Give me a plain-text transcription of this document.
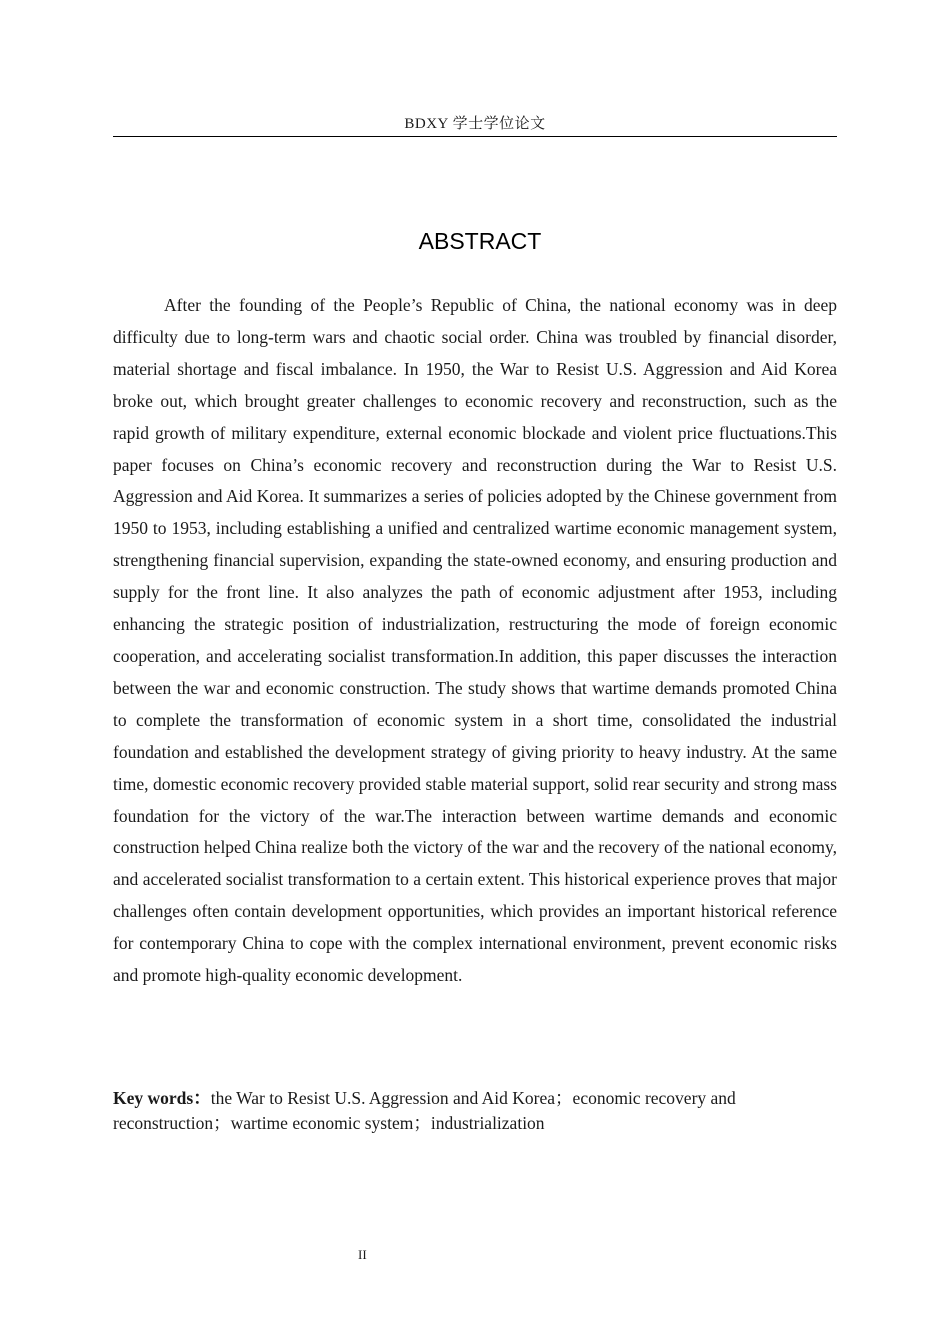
BDXY 学士学位论文
ABSTRACT

After the founding of the People’s Republic of China, the national economy was in deep difficulty due to long-term wars and chaotic social order. China was troubled by financial disorder, material shortage and fiscal imbalance. In 1950, the War to Resist U.S. Aggression and Aid Korea broke out, which brought greater challenges to economic recovery and reconstruction, such as the rapid growth of military expenditure, external economic blockade and violent price fluctuations.This paper focuses on China’s economic recovery and reconstruction during the War to Resist U.S. Aggression and Aid Korea. It summarizes a series of policies adopted by the Chinese government from 1950 to 1953, including establishing a unified and centralized wartime economic management system, strengthening financial supervision, expanding the state-owned economy, and ensuring production and supply for the front line. It also analyzes the path of economic adjustment after 1953, including enhancing the strategic position of industrialization, restructuring the mode of foreign economic cooperation, and accelerating socialist transformation.In addition, this paper discusses the interaction between the war and economic construction. The study shows that wartime demands promoted China to complete the transformation of economic system in a short time, consolidated the industrial foundation and established the development strategy of giving priority to heavy industry. At the same time, domestic economic recovery provided stable material support, solid rear security and strong mass foundation for the victory of the war.The interaction between wartime demands and economic construction helped China realize both the victory of the war and the recovery of the national economy, and accelerated socialist transformation to a certain extent. This historical experience proves that major challenges often contain development opportunities, which provides an important historical reference for contemporary China to cope with the complex international environment, prevent economic risks and promote high-quality economic development.

Key words：the War to Resist U.S. Aggression and Aid Korea；economic recovery and reconstruction；wartime economic system；industrialization

II
